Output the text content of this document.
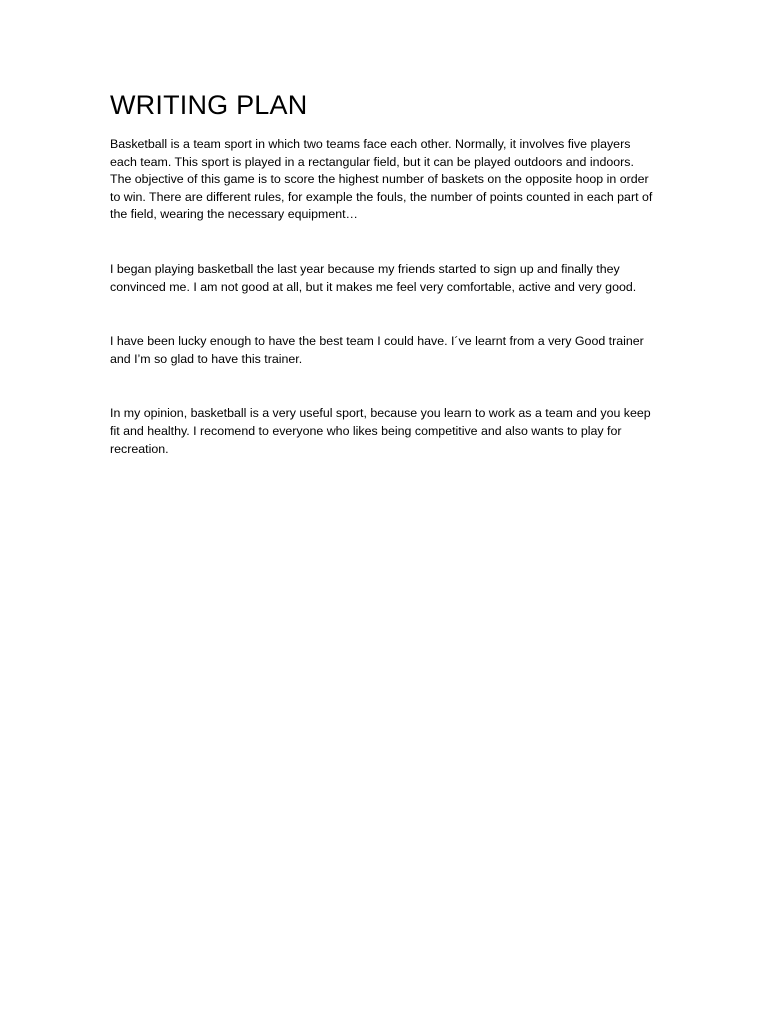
WRITING PLAN

Basketball is a team sport in which two teams face each other. Normally, it involves five players each team. This sport is played in a rectangular field, but it can be played outdoors and indoors. The objective of this game is to score the highest number of baskets on the opposite hoop in order to win. There are different rules, for example the fouls, the number of points counted in each part of the field, wearing the necessary equipment…

I began playing basketball the last year because my friends started to sign up and finally they convinced me. I am not good at all, but it makes me feel very comfortable, active and very good.

I have been lucky enough to have the best team I could have. I´ve learnt from a very Good trainer and I’m so glad to have this trainer.

In my opinion, basketball is a very useful sport, because you learn to work as a team and you keep fit and healthy. I recomend to everyone who likes being competitive and also wants to play for recreation.
